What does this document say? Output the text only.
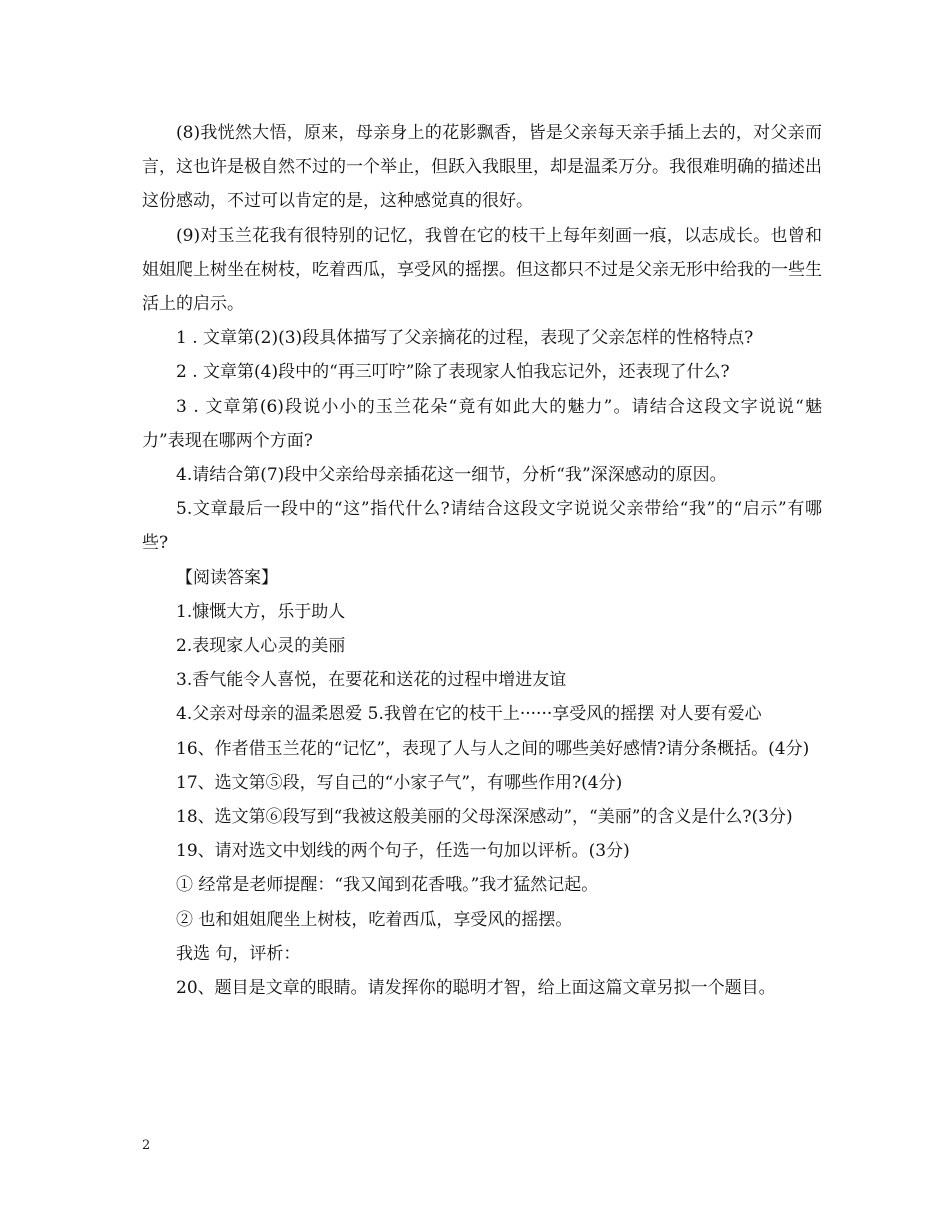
(8)我恍然大悟，原来，母亲身上的花影飘香，皆是父亲每天亲手插上去的，对父亲而言，这也许是极自然不过的一个举止，但跃入我眼里，却是温柔万分。我很难明确的描述出这份感动，不过可以肯定的是，这种感觉真的很好。

(9)对玉兰花我有很特别的记忆，我曾在它的枝干上每年刻画一痕，以志成长。也曾和姐姐爬上树坐在树枝，吃着西瓜，享受风的摇摆。但这都只不过是父亲无形中给我的一些生活上的启示。

1 . 文章第(2)(3)段具体描写了父亲摘花的过程，表现了父亲怎样的性格特点?

2 . 文章第(4)段中的“再三叮咛”除了表现家人怕我忘记外，还表现了什么?

3 . 文章第(6)段说小小的玉兰花朵“竟有如此大的魅力”。请结合这段文字说说“魅力”表现在哪两个方面?

4.请结合第(7)段中父亲给母亲插花这一细节，分析“我”深深感动的原因。

5.文章最后一段中的“这”指代什么?请结合这段文字说说父亲带给“我”的“启示”有哪些?

【阅读答案】

1.慷慨大方，乐于助人

2.表现家人心灵的美丽

3.香气能令人喜悦，在要花和送花的过程中增进友谊

4.父亲对母亲的温柔恩爱 5.我曾在它的枝干上······享受风的摇摆 对人要有爱心

16、作者借玉兰花的“记忆”，表现了人与人之间的哪些美好感情?请分条概括。(4分)

17、选文第⑤段，写自己的“小家子气”，有哪些作用?(4分)

18、选文第⑥段写到“我被这般美丽的父母深深感动”，“美丽”的含义是什么?(3分)

19、请对选文中划线的两个句子，任选一句加以评析。(3分)

① 经常是老师提醒：“我又闻到花香哦。”我才猛然记起。

② 也和姐姐爬坐上树枝，吃着西瓜，享受风的摇摆。

我选 句，评析：

20、题目是文章的眼睛。请发挥你的聪明才智，给上面这篇文章另拟一个题目。

2
